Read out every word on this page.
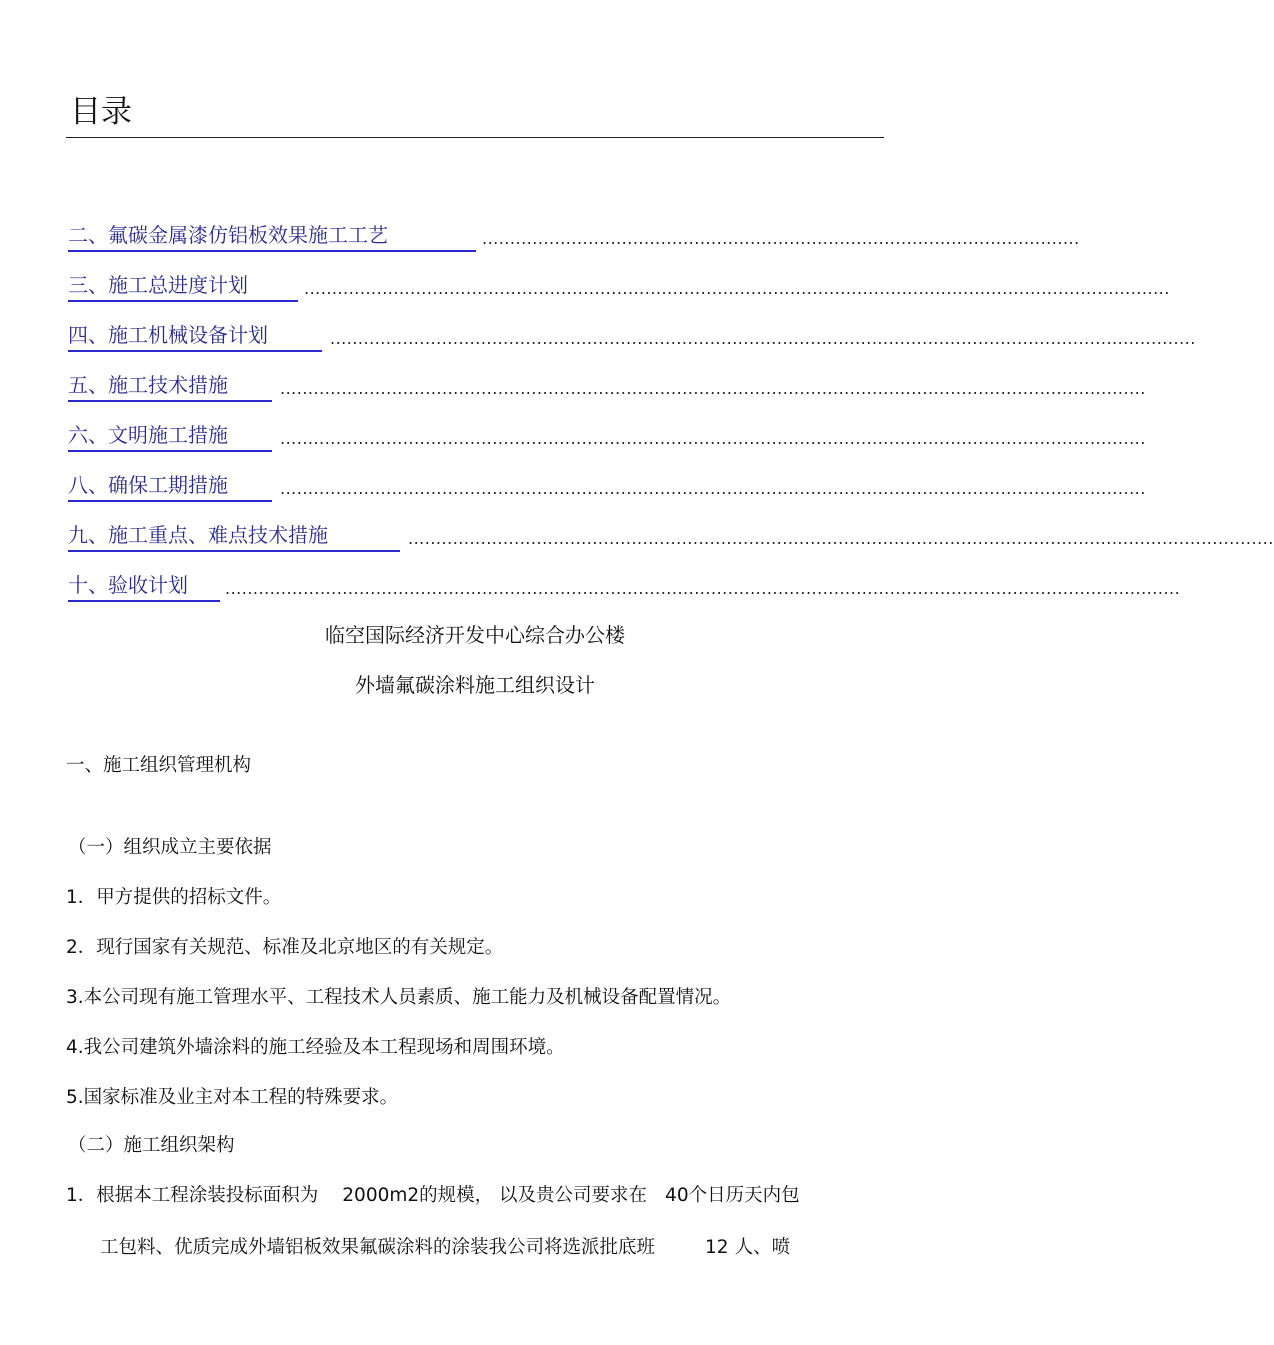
目录
二、氟碳金属漆仿铝板效果施工工艺	...........................................................................................................
三、施工总进度计划	...........................................................................................................................................................
四、施工机械设备计划	...........................................................................................................................................................
五、施工技术措施	...........................................................................................................................................................
六、文明施工措施	...........................................................................................................................................................
八、确保工期措施	...........................................................................................................................................................
九、施工重点、难点技术措施	...........................................................................................................................................................
十、验收计划	...........................................................................................................................................................................
临空国际经济开发中心综合办公楼
外墙氟碳涂料施工组织设计
一、施工组织管理机构
（一）组织成立主要依据
1．甲方提供的招标文件。
2．现行国家有关规范、标准及北京地区的有关规定。
3.本公司现有施工管理水平、工程技术人员素质、施工能力及机械设备配置情况。
4.我公司建筑外墙涂料的施工经验及本工程现场和周围环境。
5.国家标准及业主对本工程的特殊要求。
（二）施工组织架构
1．根据本工程涂装投标面积为 2000m2的规模， 以及贵公司要求在 40个日历天内包
工包料、优质完成外墙铝板效果氟碳涂料的涂装我公司将选派批底班	12 人、喷
